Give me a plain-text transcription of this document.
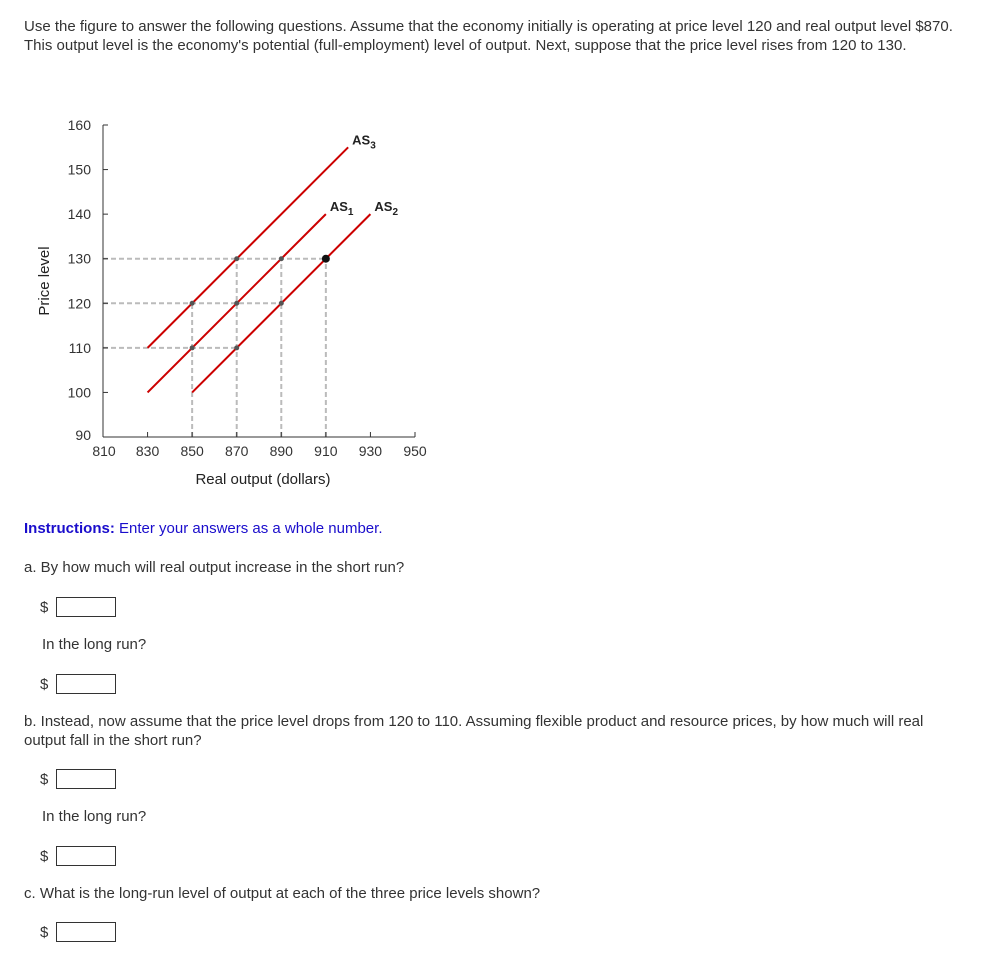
Use the figure to answer the following questions. Assume that the economy initially is operating at price level 120 and real output level $870. This output level is the economy's potential (full-employment) level of output. Next, suppose that the price level rises from 120 to 130.

$AS_1$ $AS_2$
$AS_3$
90
100
110
120
130
140
150
160
810 830 850 870 890 910 930 950
Real output (dollars)
Price level
Instructions: Enter your answers as a whole number.

a. By how much will real output increase in the short run?

$

In the long run?

$

b. Instead, now assume that the price level drops from 120 to 110. Assuming flexible product and resource prices, by how much will real output fall in the short run?

$

In the long run?

$

c. What is the long-run level of output at each of the three price levels shown?

$
